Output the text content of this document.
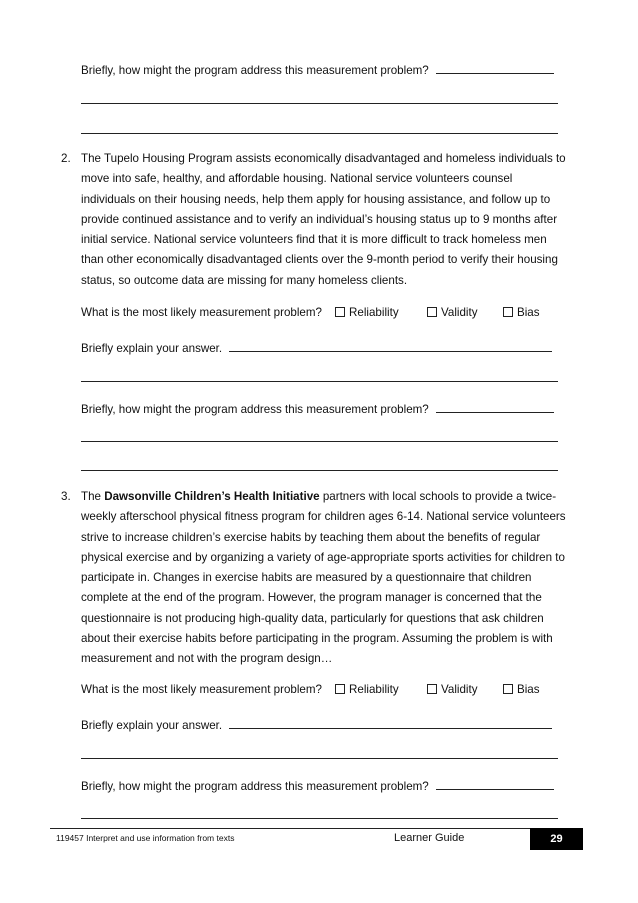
Briefly, how might the program address this measurement problem?
2. The Tupelo Housing Program assists economically disadvantaged and homeless individuals to
move into safe, healthy, and affordable housing. National service volunteers counsel
individuals on their housing needs, help them apply for housing assistance, and follow up to
provide continued assistance and to verify an individual’s housing status up to 9 months after
initial service. National service volunteers find that it is more difficult to track homeless men
than other economically disadvantaged clients over the 9-month period to verify their housing
status, so outcome data are missing for many homeless clients.
What is the most likely measurement problem?	Reliability	Validity	Bias
Briefly explain your answer.
Briefly, how might the program address this measurement problem?
3. The Dawsonville Children’s Health Initiative partners with local schools to provide a twice-
weekly afterschool physical fitness program for children ages 6-14. National service volunteers
strive to increase children’s exercise habits by teaching them about the benefits of regular
physical exercise and by organizing a variety of age-appropriate sports activities for children to
participate in. Changes in exercise habits are measured by a questionnaire that children
complete at the end of the program. However, the program manager is concerned that the
questionnaire is not producing high-quality data, particularly for questions that ask children
about their exercise habits before participating in the program. Assuming the problem is with
measurement and not with the program design…
What is the most likely measurement problem?	Reliability	Validity	Bias
Briefly explain your answer.
Briefly, how might the program address this measurement problem?
119457 Interpret and use information from texts	Learner Guide	29
